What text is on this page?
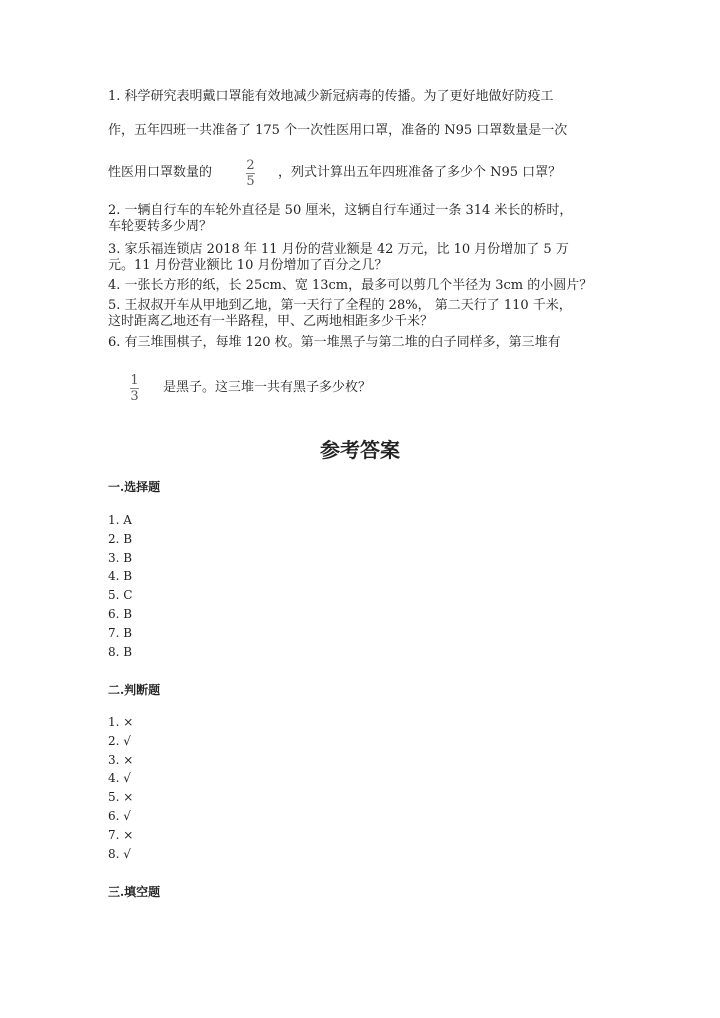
1. 科学研究表明戴口罩能有效地减少新冠病毒的传播。为了更好地做好防疫工
作，五年四班一共准备了 175 个一次性医用口罩，准备的 N95 口罩数量是一次
性医用口罩数量的	2
5
，列式计算出五年四班准备了多少个 N95 口罩？
2. 一辆自行车的车轮外直径是 50 厘米，这辆自行车通过一条 314 米长的桥时，
车轮要转多少周？
3. 家乐福连锁店 2018 年 11 月份的营业额是 42 万元，比 10 月份增加了 5 万
元。11 月份营业额比 10 月份增加了百分之几？
4. 一张长方形的纸，长 25cm、宽 13cm，最多可以剪几个半径为 3cm 的小圆片？
5. 王叔叔开车从甲地到乙地，第一天行了全程的 28%， 第二天行了 110 千米，
这时距离乙地还有一半路程，甲、乙两地相距多少千米？
6. 有三堆围棋子，每堆 120 枚。第一堆黑子与第二堆的白子同样多，第三堆有
1
3
是黑子。这三堆一共有黑子多少枚？
参考答案
一.选择题
二.判断题
三.填空题
1. A
2. B
3. B
4. B
5. C
6. B
7. B
8. B
1. ×
2. √
3. ×
4. √
5. ×
6. √
7. ×
8. √
